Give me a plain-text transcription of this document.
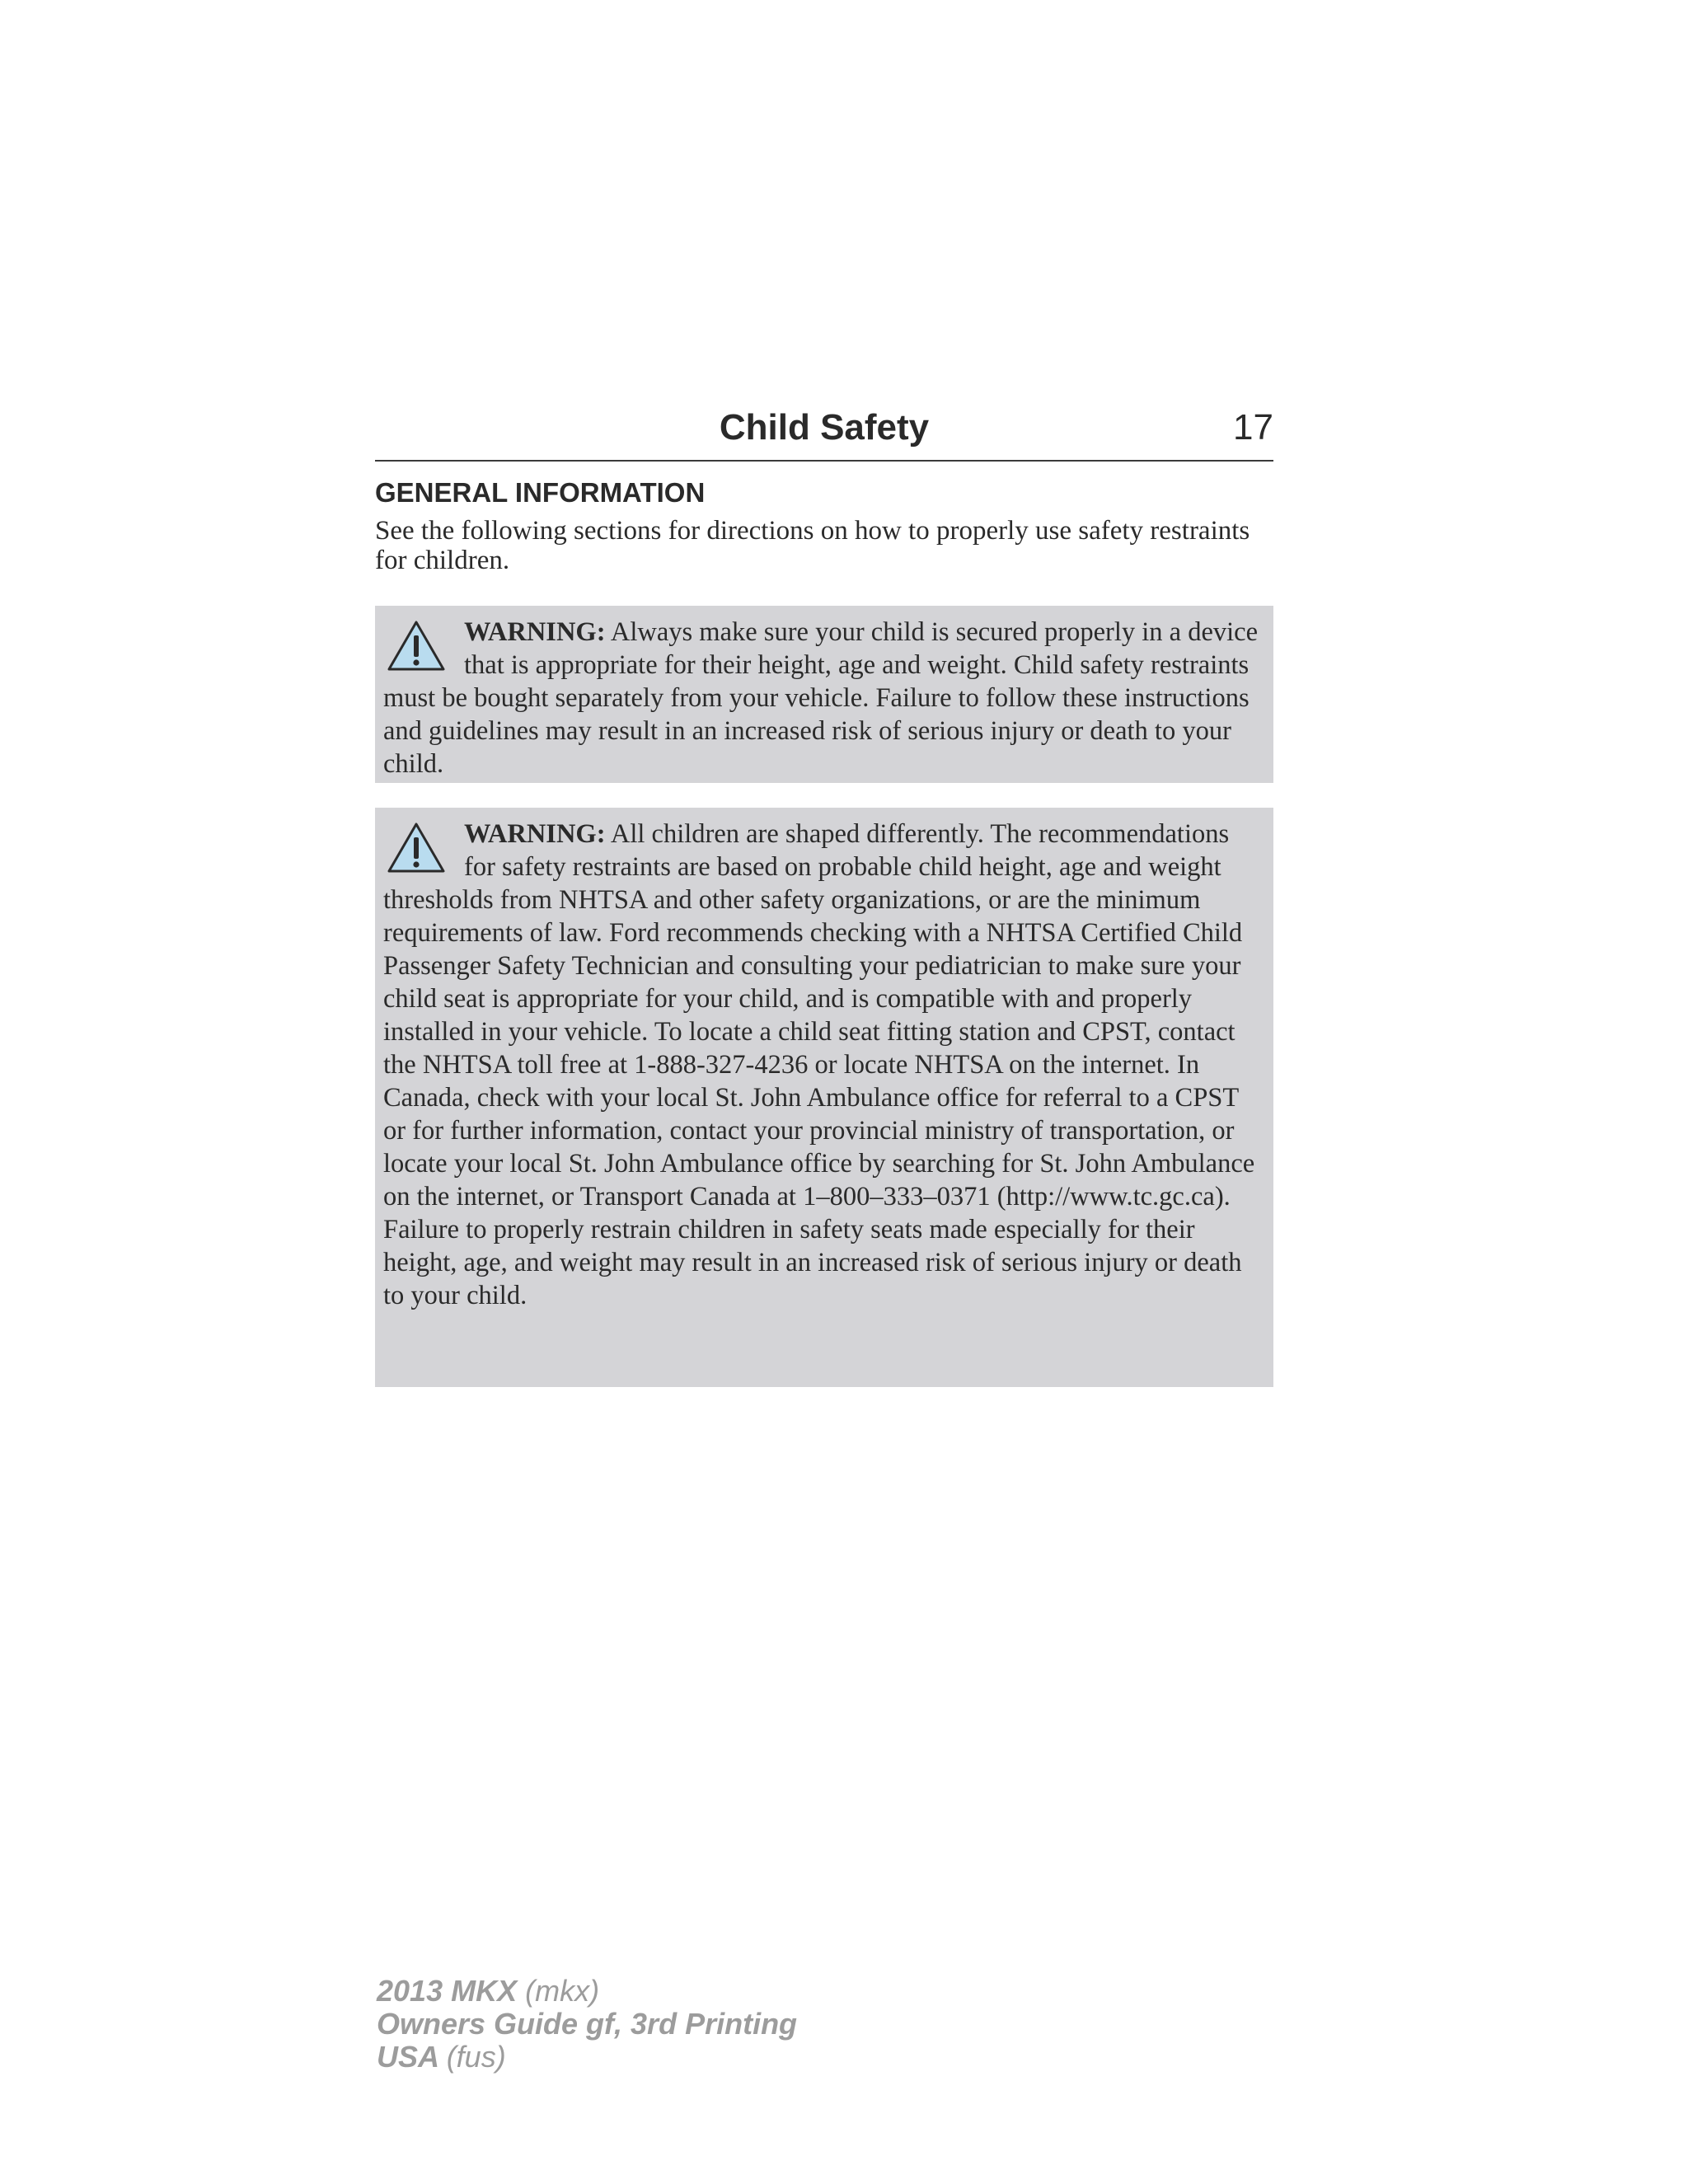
Child Safety	17
GENERAL INFORMATION
See the following sections for directions on how to properly use safety restraints for children.
WARNING: Always make sure your child is secured properly in a device that is appropriate for their height, age and weight. Child safety restraints must be bought separately from your vehicle. Failure to follow these instructions and guidelines may result in an increased risk of serious injury or death to your child.
WARNING: All children are shaped differently. The recommendations for safety restraints are based on probable child height, age and weight thresholds from NHTSA and other safety organizations, or are the minimum requirements of law. Ford recommends checking with a NHTSA Certified Child Passenger Safety Technician and consulting your pediatrician to make sure your child seat is appropriate for your child, and is compatible with and properly installed in your vehicle. To locate a child seat fitting station and CPST, contact the NHTSA toll free at 1-888-327-4236 or locate NHTSA on the internet. In Canada, check with your local St. John Ambulance office for referral to a CPST or for further information, contact your provincial ministry of transportation, or locate your local St. John Ambulance office by searching for St. John Ambulance on the internet, or Transport Canada at 1–800–333–0371 (http://www.tc.gc.ca). Failure to properly restrain children in safety seats made especially for their height, age, and weight may result in an increased risk of serious injury or death to your child.
2013 MKX (mkx)
Owners Guide gf, 3rd Printing
USA (fus)
